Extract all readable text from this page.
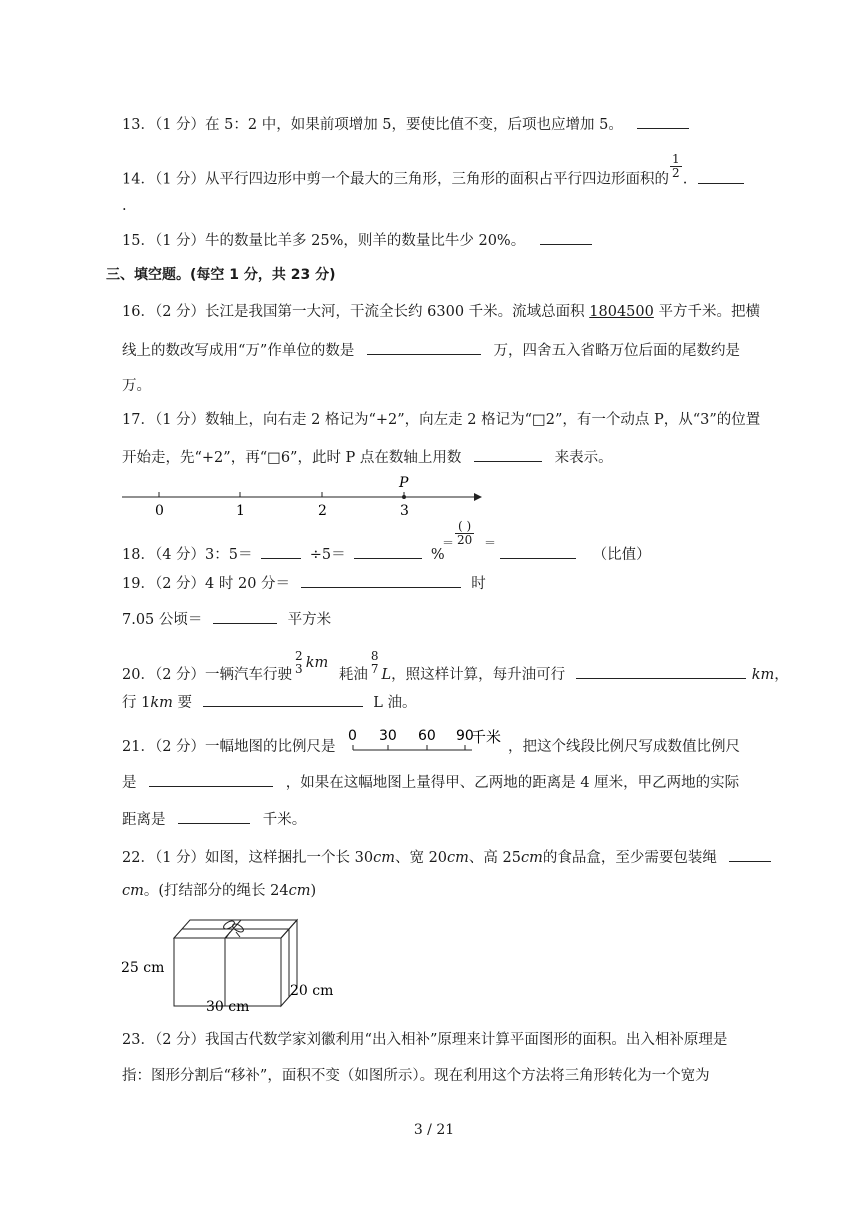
13．（1 分）在 5：2 中，如果前项增加 5，要使比值不变，后项也应增加 5。
14．（1 分）从平行四边形中剪一个最大的三角形，三角形的面积占平行四边形面积的 $\frac{1}{2}$ .
.
15．（1 分）牛的数量比羊多 25%，则羊的数量比牛少 20%。
三、填空题。(每空 1 分，共 23 分)
16．（2 分）长江是我国第一大河，干流全长约 6300 千米。流域总面积 1804500 平方千米。把横
线上的数改写成用“万”作单位的数是	万，四舍五入省略万位后面的尾数约是
万。
17．（1 分）数轴上，向右走 2 格记为“+2”，向左走 2 格记为“□2”，有一个动点 P，从“3”的位置
开始走，先“+2”，再“□6”，此时 P 点在数轴上用数	来表示。
P
0	1	2	3
18．（4 分）3：5＝	÷5＝	%
＝
( )
20 ＝
（比值）
19．（2 分）4 时 20 分＝	时
7.05 公顷＝	平方米
20．（2 分）一辆汽车行驶
2
3 km 耗油
8
7 L，照这样计算，每升油可行	km，
行 1km 要	L 油。
21．（2 分）一幅地图的比例尺是
0 30 60 90
千米
，把这个线段比例尺写成数值比例尺
是	，如果在这幅地图上量得甲、乙两地的距离是 4 厘米，甲乙两地的实际
距离是	千米。
22．（1 分）如图，这样捆扎一个长 30cm、宽 20cm、高 25cm的食品盒，至少需要包装绳
cm。(打结部分的绳长 24cm)
25 cm
30 cm
20 cm
23．（2 分）我国古代数学家刘徽利用“出入相补”原理来计算平面图形的面积。出入相补原理是
指：图形分割后“移补”，面积不变（如图所示）。现在利用这个方法将三角形转化为一个宽为
3 / 21
